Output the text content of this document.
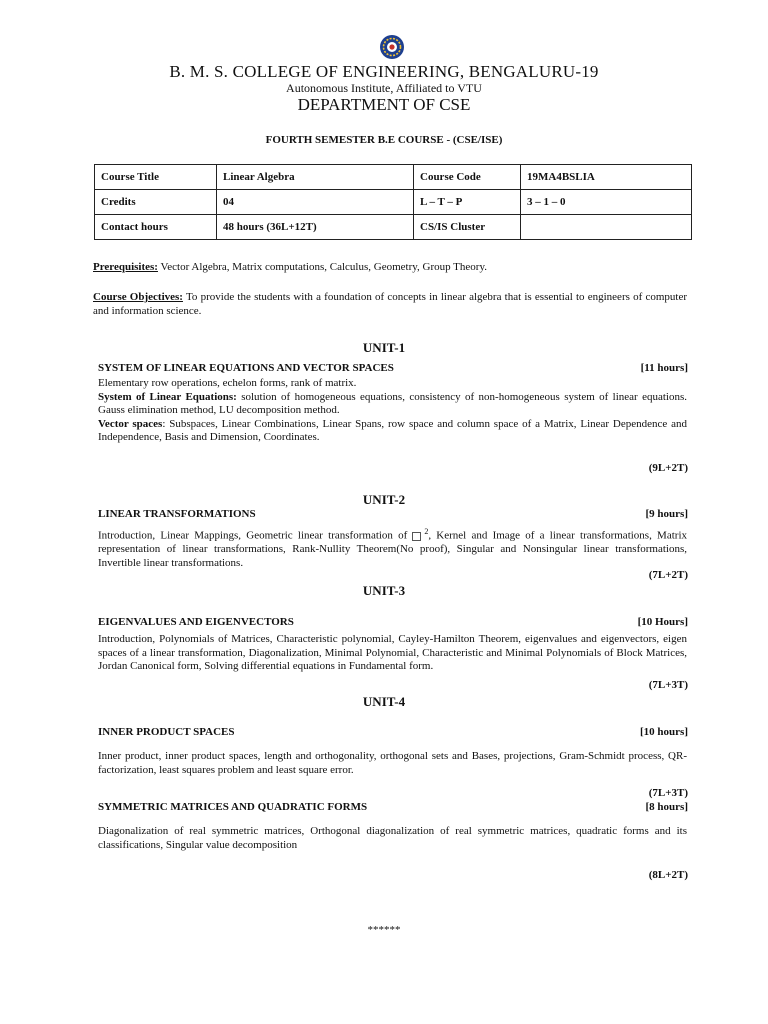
B. M. S. COLLEGE OF ENGINEERING, BENGALURU-19
Autonomous Institute, Affiliated to VTU
DEPARTMENT OF CSE
FOURTH SEMESTER B.E COURSE - (CSE/ISE)
Course Title	Linear Algebra	Course Code	19MA4BSLIA
Credits	04	L – T – P	3 – 1 – 0
Contact hours	48 hours (36L+12T)	CS/IS Cluster	
Prerequisites: Vector Algebra, Matrix computations, Calculus, Geometry, Group Theory.
Course Objectives: To provide the students with a foundation of concepts in linear algebra that is essential to engineers of computer and information science.
UNIT-1
SYSTEM OF LINEAR EQUATIONS AND VECTOR SPACES	[11 hours]
Elementary row operations, echelon forms, rank of matrix.
System of Linear Equations: solution of homogeneous equations, consistency of non-homogeneous system of linear equations. Gauss elimination method, LU decomposition method.
Vector spaces: Subspaces, Linear Combinations, Linear Spans, row space and column space of a Matrix, Linear Dependence and Independence, Basis and Dimension, Coordinates.
(9L+2T)
UNIT-2
LINEAR TRANSFORMATIONS	[9 hours]
Introduction, Linear Mappings, Geometric linear transformation of $^2$, Kernel and Image of a linear transformations, Matrix representation of linear transformations, Rank-Nullity Theorem(No proof), Singular and Nonsingular linear transformations, Invertible linear transformations.
(7L+2T)
UNIT-3
EIGENVALUES AND EIGENVECTORS	[10 Hours]
Introduction, Polynomials of Matrices, Characteristic polynomial, Cayley-Hamilton Theorem, eigenvalues and eigenvectors, eigen spaces of a linear transformation, Diagonalization, Minimal Polynomial, Characteristic and Minimal Polynomials of Block Matrices, Jordan Canonical form, Solving differential equations in Fundamental form.
(7L+3T)
UNIT-4
INNER PRODUCT SPACES	[10 hours]
Inner product, inner product spaces, length and orthogonality, orthogonal sets and Bases, projections, Gram-Schmidt process, QR-factorization, least squares problem and least square error.
(7L+3T)
SYMMETRIC MATRICES AND QUADRATIC FORMS	[8 hours]
Diagonalization of real symmetric matrices, Orthogonal diagonalization of real symmetric matrices, quadratic forms and its classifications, Singular value decomposition
(8L+2T)
******
